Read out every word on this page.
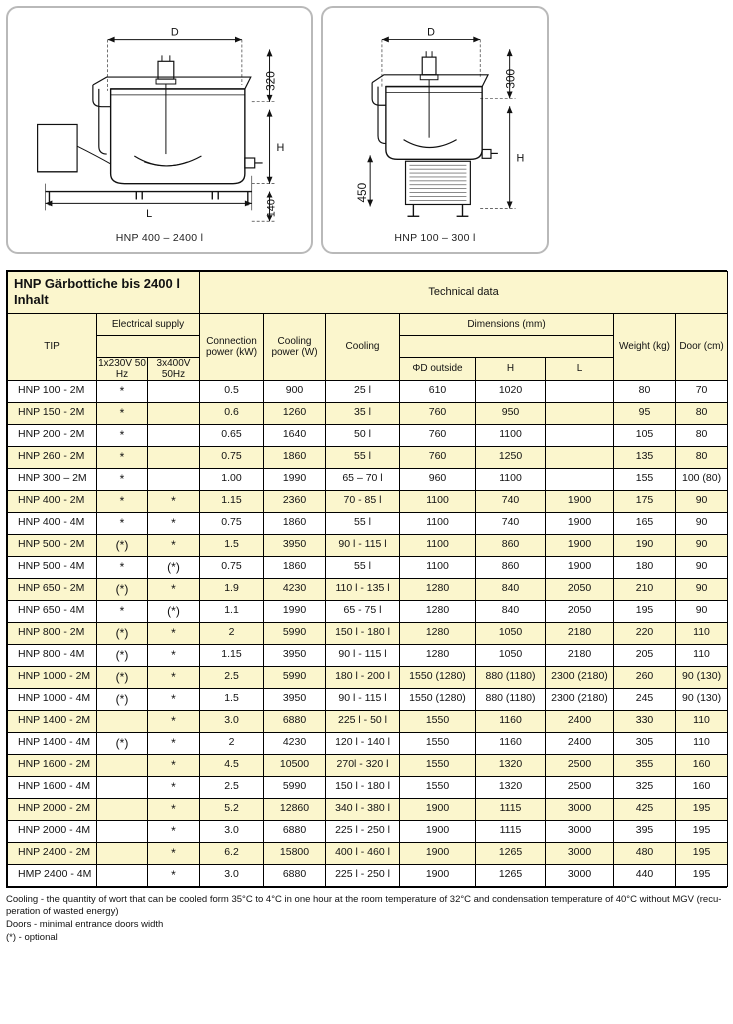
D
320
H
140
L
HNP 400 – 2400 l
D
300
H
450
HNP 100 – 300 l
HNP Gärbottiche bis 2400 l Inhalt			Technical data							
TIP	Electrical supply		Connection power (kW)	Cooling power (W)	Cooling	Dimensions (mm)			Weight (kg)	Door (cm)

	1x230V 50 Hz	3x400V 50Hz				ΦD outside	H	L		
HNP 100 - 2M	*		0.5	900	25 l	610	1020		80	70
HNP 150 - 2M	*		0.6	1260	35 l	760	950		95	80
HNP 200 - 2M	*		0.65	1640	50 l	760	1100		105	80
HNP 260 - 2M	*		0.75	1860	55 l	760	1250		135	80
HNP 300 – 2M	*		1.00	1990	65 – 70 l	960	1100		155	100 (80)
HNP 400 - 2M	*	*	1.15	2360	70 - 85 l	1100	740	1900	175	90
HNP 400 - 4M	*	*	0.75	1860	55 l	1100	740	1900	165	90
HNP 500 - 2M	(*)	*	1.5	3950	90 l - 115 l	1100	860	1900	190	90
HNP 500 - 4M	*	(*)	0.75	1860	55 l	1100	860	1900	180	90
HNP 650 - 2M	(*)	*	1.9	4230	110 l - 135 l	1280	840	2050	210	90
HNP 650 - 4M	*	(*)	1.1	1990	65 - 75 l	1280	840	2050	195	90
HNP 800 - 2M	(*)	*	2	5990	150 l - 180 l	1280	1050	2180	220	110
HNP 800 - 4M	(*)	*	1.15	3950	90 l - 115 l	1280	1050	2180	205	110
HNP 1000 - 2M	(*)	*	2.5	5990	180 l - 200 l	1550 (1280)	880 (1180)	2300 (2180)	260	90 (130)
HNP 1000 - 4M	(*)	*	1.5	3950	90 l - 115 l	1550 (1280)	880 (1180)	2300 (2180)	245	90 (130)
HNP 1400 - 2M		*	3.0	6880	225 l - 50 l	1550	1160	2400	330	110
HNP 1400 - 4M	(*)	*	2	4230	120 l - 140 l	1550	1160	2400	305	110
HNP 1600 - 2M		*	4.5	10500	270l - 320 l	1550	1320	2500	355	160
HNP 1600 - 4M		*	2.5	5990	150 l - 180 l	1550	1320	2500	325	160
HNP 2000 - 2M		*	5.2	12860	340 l - 380 l	1900	1115	3000	425	195
HNP 2000 - 4M		*	3.0	6880	225 l - 250 l	1900	1115	3000	395	195
HNP 2400 - 2M		*	6.2	15800	400 l - 460 l	1900	1265	3000	480	195
HMP 2400 - 4M		*	3.0	6880	225 l - 250 l	1900	1265	3000	440	195
Cooling - the quantity of wort that can be cooled form 35°C to 4°C in one hour at the room temperature of 32°C and condensation temperature of 40°C without MGV (recu-
peration of wasted energy)
Doors - minimal entrance doors width
(*) - optional
